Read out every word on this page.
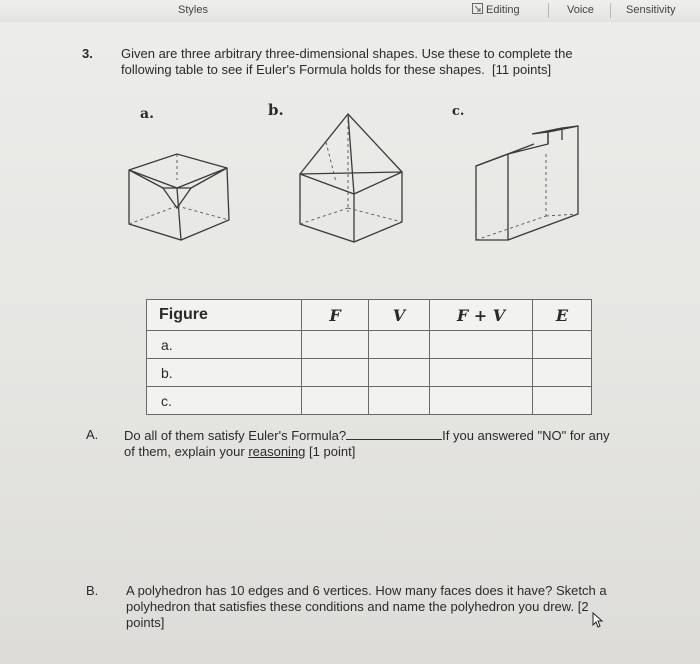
Styles	Editing	Voice	Sensitivity
3. Given are three arbitrary three-dimensional shapes. Use these to complete the
following table to see if Euler's Formula holds for these shapes. [11 points]
a.	b.	c.
Figure	F	V	F + V	E
a.				
b.				
c.				
A. Do all of them satisfy Euler's Formula?	If you answered "NO" for any
of them, explain your reasoning [1 point]
B. A polyhedron has 10 edges and 6 vertices. How many faces does it have? Sketch a
polyhedron that satisfies these conditions and name the polyhedron you drew. [2
points]
